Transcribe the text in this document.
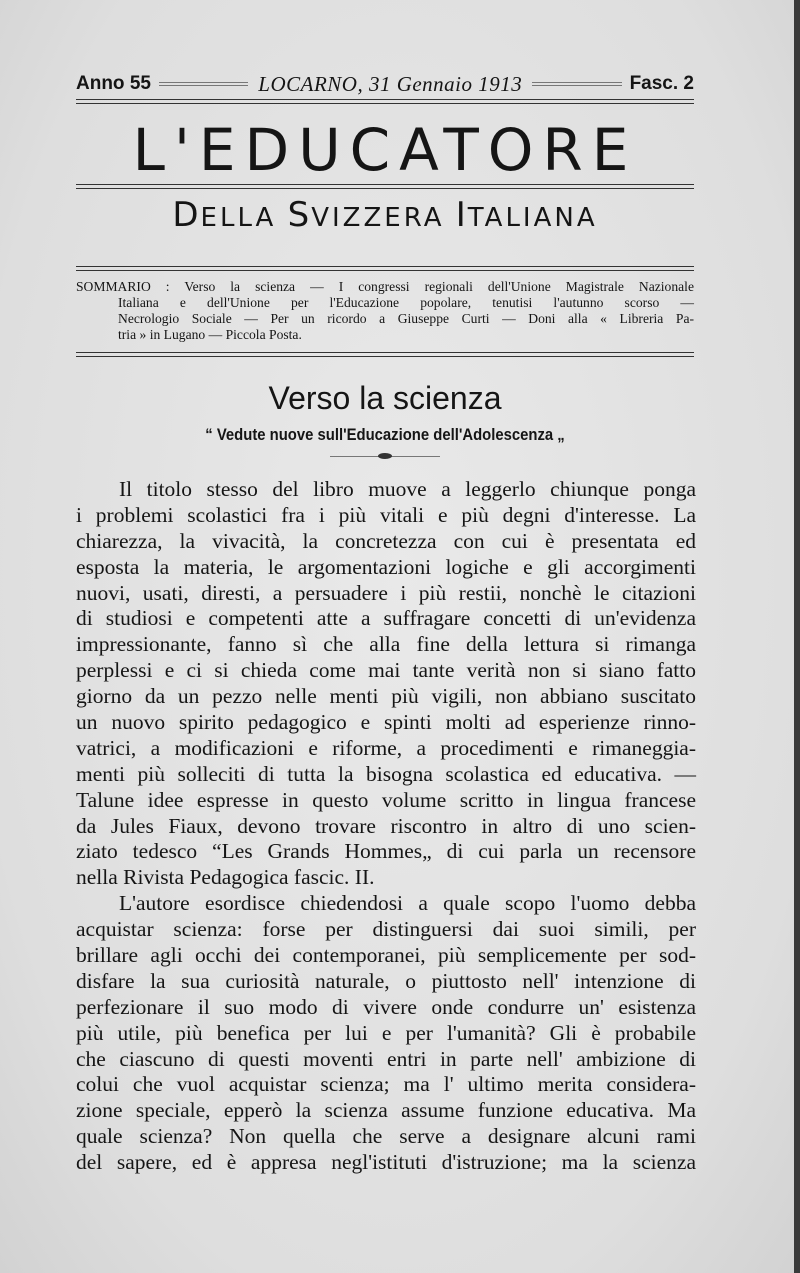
Anno 55	LOCARNO, 31 Gennaio 1913	Fasc. 2
L'EDUCATORE
DELLA SVIZZERA ITALIANA
SOMMARIO : Verso la scienza — I congressi regionali dell'Unione Magistrale Nazionale
Italiana e dell'Unione per l'Educazione popolare, tenutisi l'autunno scorso —
Necrologio Sociale — Per un ricordo a Giuseppe Curti — Doni alla « Libreria Pa-
tria » in Lugano — Piccola Posta.
Verso la scienza
“ Vedute nuove sull'Educazione dell'Adolescenza „
Il titolo stesso del libro muove a leggerlo chiunque ponga
i problemi scolastici fra i più vitali e più degni d'interesse. La
chiarezza, la vivacità, la concretezza con cui è presentata ed
esposta la materia, le argomentazioni logiche e gli accorgimenti
nuovi, usati, diresti, a persuadere i più restii, nonchè le citazioni
di studiosi e competenti atte a suffragare concetti di un'evidenza
impressionante, fanno sì che alla fine della lettura si rimanga
perplessi e ci si chieda come mai tante verità non si siano fatto
giorno da un pezzo nelle menti più vigili, non abbiano suscitato
un nuovo spirito pedagogico e spinti molti ad esperienze rinno-
vatrici, a modificazioni e riforme, a procedimenti e rimaneggia-
menti più solleciti di tutta la bisogna scolastica ed educativa. —
Talune idee espresse in questo volume scritto in lingua francese
da Jules Fiaux, devono trovare riscontro in altro di uno scien-
ziato tedesco “Les Grands Hommes„ di cui parla un recensore
nella Rivista Pedagogica fascic. II.
L'autore esordisce chiedendosi a quale scopo l'uomo debba
acquistar scienza: forse per distinguersi dai suoi simili, per
brillare agli occhi dei contemporanei, più semplicemente per sod-
disfare la sua curiosità naturale, o piuttosto nell' intenzione di
perfezionare il suo modo di vivere onde condurre un' esistenza
più utile, più benefica per lui e per l'umanità? Gli è probabile
che ciascuno di questi moventi entri in parte nell' ambizione di
colui che vuol acquistar scienza; ma l' ultimo merita considera-
zione speciale, epperò la scienza assume funzione educativa. Ma
quale scienza? Non quella che serve a designare alcuni rami
del sapere, ed è appresa negl'istituti d'istruzione; ma la scienza
